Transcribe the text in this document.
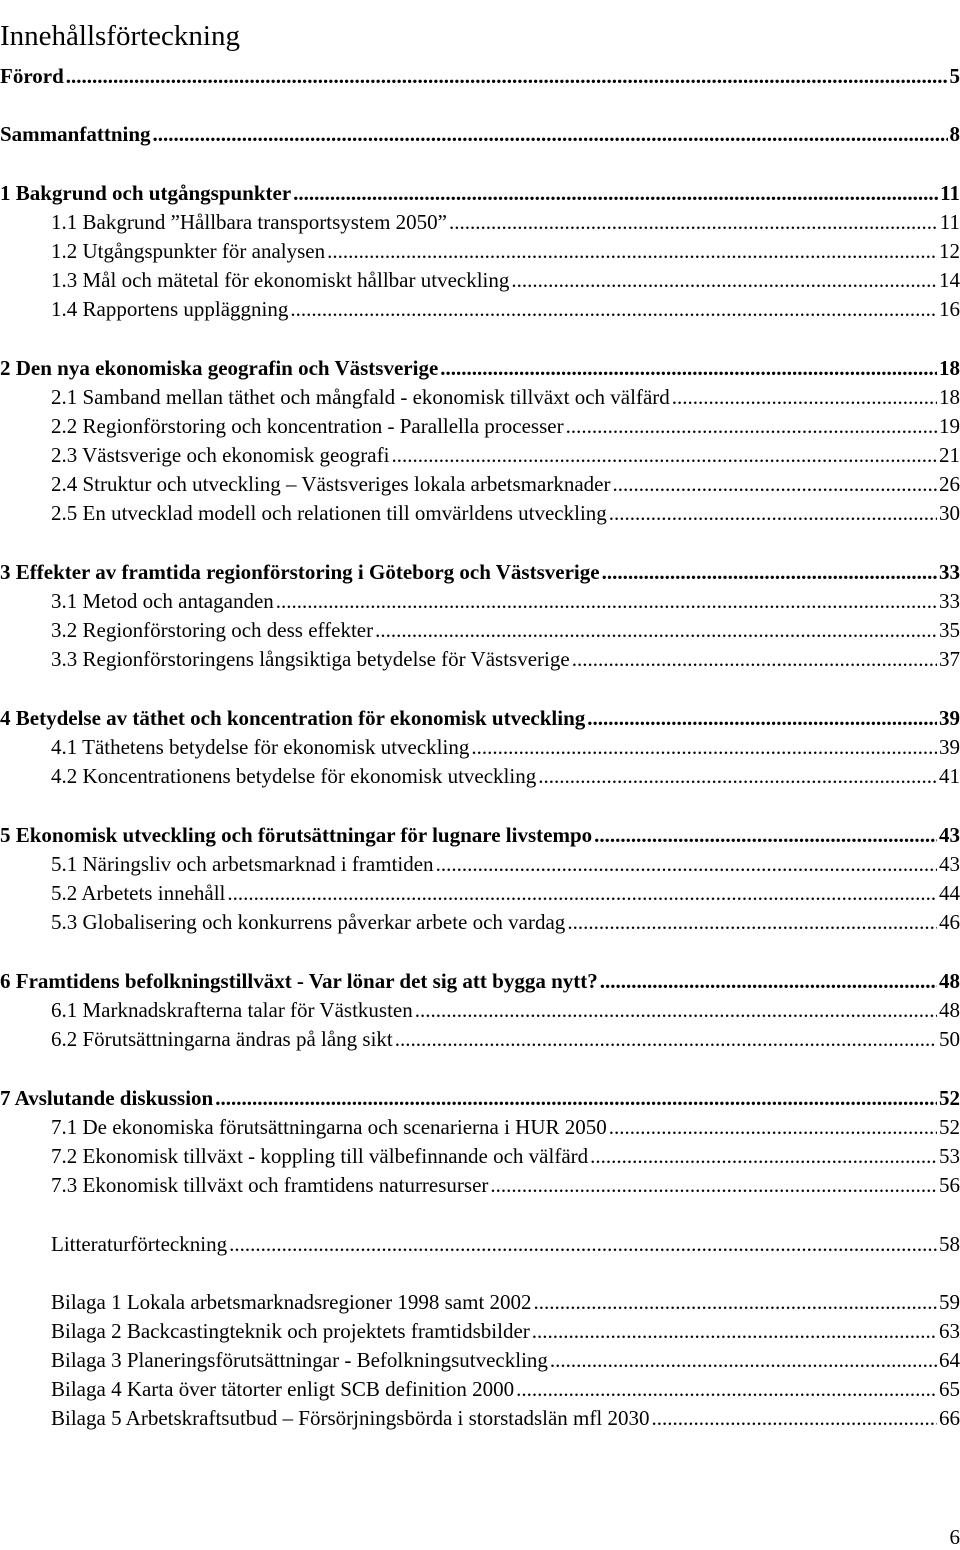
Innehållsförteckning
Förord .....	5
Sammanfattning .....	8
1 Bakgrund och utgångspunkter .....	11
1.1 Bakgrund ”Hållbara transportsystem 2050” .....	11
1.2 Utgångspunkter för analysen .....	12
1.3 Mål och mätetal för ekonomiskt hållbar utveckling .....	14
1.4 Rapportens uppläggning .....	16
2 Den nya ekonomiska geografin och Västsverige .....	18
2.1 Samband mellan täthet och mångfald - ekonomisk tillväxt och välfärd .....	18
2.2 Regionförstoring och koncentration - Parallella processer .....	19
2.3 Västsverige och ekonomisk geografi .....	21
2.4 Struktur och utveckling – Västsveriges lokala arbetsmarknader .....	26
2.5 En utvecklad modell och relationen till omvärldens utveckling .....	30
3 Effekter av framtida regionförstoring i Göteborg och Västsverige .....	33
3.1 Metod och antaganden .....	33
3.2 Regionförstoring och dess effekter .....	35
3.3 Regionförstoringens långsiktiga betydelse för Västsverige .....	37
4 Betydelse av täthet och koncentration för ekonomisk utveckling .....	39
4.1 Täthetens betydelse för ekonomisk utveckling .....	39
4.2 Koncentrationens betydelse för ekonomisk utveckling .....	41
5 Ekonomisk utveckling och förutsättningar för lugnare livstempo .....	43
5.1 Näringsliv och arbetsmarknad i framtiden .....	43
5.2 Arbetets innehåll .....	44
5.3 Globalisering och konkurrens påverkar arbete och vardag .....	46
6 Framtidens befolkningstillväxt - Var lönar det sig att bygga nytt? .....	48
6.1 Marknadskrafterna talar för Västkusten .....	48
6.2 Förutsättningarna ändras på lång sikt .....	50
7 Avslutande diskussion .....	52
7.1 De ekonomiska förutsättningarna och scenarierna i HUR 2050 .....	52
7.2 Ekonomisk tillväxt - koppling till välbefinnande och välfärd .....	53
7.3 Ekonomisk tillväxt och framtidens naturresurser .....	56
Litteraturförteckning .....	58
Bilaga 1 Lokala arbetsmarknadsregioner 1998 samt 2002 .....	59
Bilaga 2 Backcastingteknik och projektets framtidsbilder .....	63
Bilaga 3 Planeringsförutsättningar - Befolkningsutveckling .....	64
Bilaga 4 Karta över tätorter enligt SCB definition 2000 .....	65
Bilaga 5 Arbetskraftsutbud – Försörjningsbörda i storstadslän mfl 2030 .....	66
6
